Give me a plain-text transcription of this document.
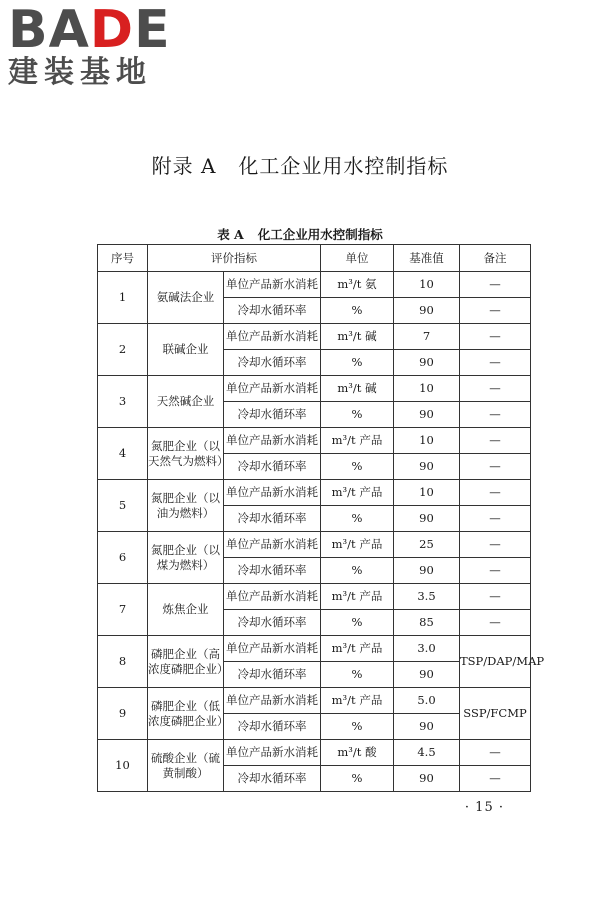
BADE
建装基地
附录 A 化工企业用水控制指标
表 A 化工企业用水控制指标
序号	评价指标		单位	基准值	备注
1	氨碱法企业	单位产品新水消耗	m³/t 氨	10	—
		冷却水循环率	%	90	—
2	联碱企业	单位产品新水消耗	m³/t 碱	7	—
		冷却水循环率	%	90	—
3	天然碱企业	单位产品新水消耗	m³/t 碱	10	—
		冷却水循环率	%	90	—
4	氮肥企业（以天然气为燃料）	单位产品新水消耗	m³/t 产品	10	—
		冷却水循环率	%	90	—
5	氮肥企业（以油为燃料）	单位产品新水消耗	m³/t 产品	10	—
		冷却水循环率	%	90	—
6	氮肥企业（以煤为燃料）	单位产品新水消耗	m³/t 产品	25	—
		冷却水循环率	%	90	—
7	炼焦企业	单位产品新水消耗	m³/t 产品	3.5	—
		冷却水循环率	%	85	—
8	磷肥企业（高浓度磷肥企业）	单位产品新水消耗	m³/t 产品	3.0	TSP/DAP/MAP
		冷却水循环率	%	90	
9	磷肥企业（低浓度磷肥企业）	单位产品新水消耗	m³/t 产品	5.0	SSP/FCMP
		冷却水循环率	%	90	
10	硫酸企业（硫黄制酸）	单位产品新水消耗	m³/t 酸	4.5	—
		冷却水循环率	%	90	—
· 15 ·
